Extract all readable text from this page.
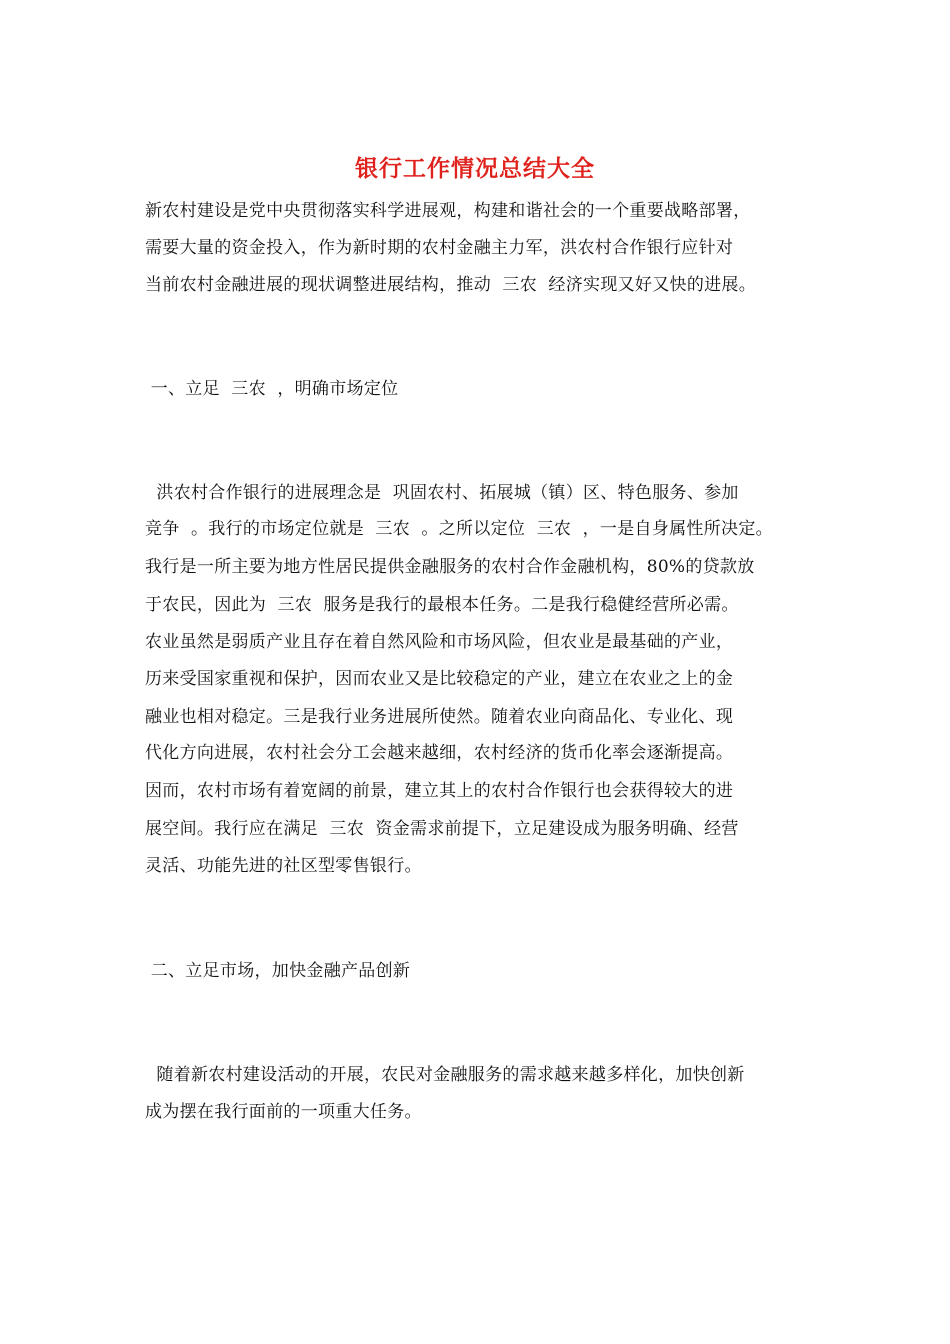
银行工作情况总结大全
新农村建设是党中央贯彻落实科学进展观，构建和谐社会的一个重要战略部署，
需要大量的资金投入，作为新时期的农村金融主力军，洪农村合作银行应针对
当前农村金融进展的现状调整进展结构，推动  三农  经济实现又好又快的进展。
一、立足  三农  ，明确市场定位
洪农村合作银行的进展理念是  巩固农村、拓展城（镇）区、特色服务、参加
竞争  。我行的市场定位就是  三农  。之所以定位  三农  ，一是自身属性所决定。
我行是一所主要为地方性居民提供金融服务的农村合作金融机构，80%的贷款放
于农民，因此为  三农  服务是我行的最根本任务。二是我行稳健经营所必需。
农业虽然是弱质产业且存在着自然风险和市场风险，但农业是最基础的产业，
历来受国家重视和保护，因而农业又是比较稳定的产业，建立在农业之上的金
融业也相对稳定。三是我行业务进展所使然。随着农业向商品化、专业化、现
代化方向进展，农村社会分工会越来越细，农村经济的货币化率会逐渐提高。
因而，农村市场有着宽阔的前景，建立其上的农村合作银行也会获得较大的进
展空间。我行应在满足  三农  资金需求前提下，立足建设成为服务明确、经营
灵活、功能先进的社区型零售银行。
二、立足市场，加快金融产品创新
随着新农村建设活动的开展，农民对金融服务的需求越来越多样化，加快创新
成为摆在我行面前的一项重大任务。
